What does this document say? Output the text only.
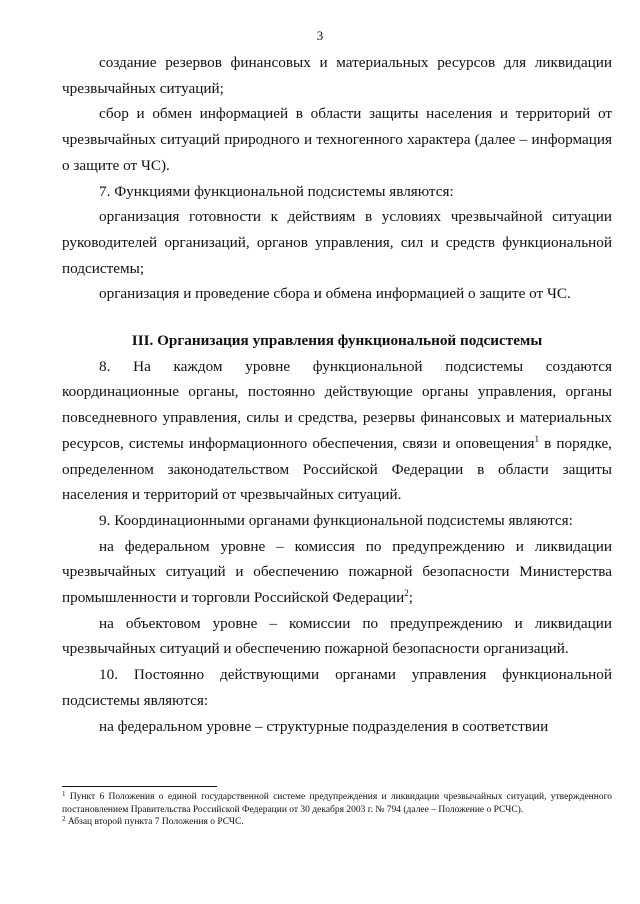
3

создание резервов финансовых и материальных ресурсов для ликвидации чрезвычайных ситуаций;

сбор и обмен информацией в области защиты населения и территорий от чрезвычайных ситуаций природного и техногенного характера (далее – информация о защите от ЧС).

7. Функциями функциональной подсистемы являются:

организация готовности к действиям в условиях чрезвычайной ситуации руководителей организаций, органов управления, сил и средств функциональной подсистемы;

организация и проведение сбора и обмена информацией о защите от ЧС.

III. Организация управления функциональной подсистемы

8. На каждом уровне функциональной подсистемы создаются координационные органы, постоянно действующие органы управления, органы повседневного управления, силы и средства, резервы финансовых и материальных ресурсов, системы информационного обеспечения, связи и оповещения$^1$ в порядке, определенном законодательством Российской Федерации в области защиты населения и территорий от чрезвычайных ситуаций.

9. Координационными органами функциональной подсистемы являются:

на федеральном уровне – комиссия по предупреждению и ликвидации чрезвычайных ситуаций и обеспечению пожарной безопасности Министерства промышленности и торговли Российской Федерации$^2$;

на объектовом уровне – комиссии по предупреждению и ликвидации чрезвычайных ситуаций и обеспечению пожарной безопасности организаций.

10. Постоянно действующими органами управления функциональной подсистемы являются:

на федеральном уровне – структурные подразделения в соответствии

$^1$ Пункт 6 Положения о единой государственной системе предупреждения и ликвидации чрезвычайных ситуаций, утвержденного постановлением Правительства Российской Федерации от 30 декабря 2003 г. № 794 (далее – Положение о РСЧС).

$^2$ Абзац второй пункта 7 Положения о РСЧС.
